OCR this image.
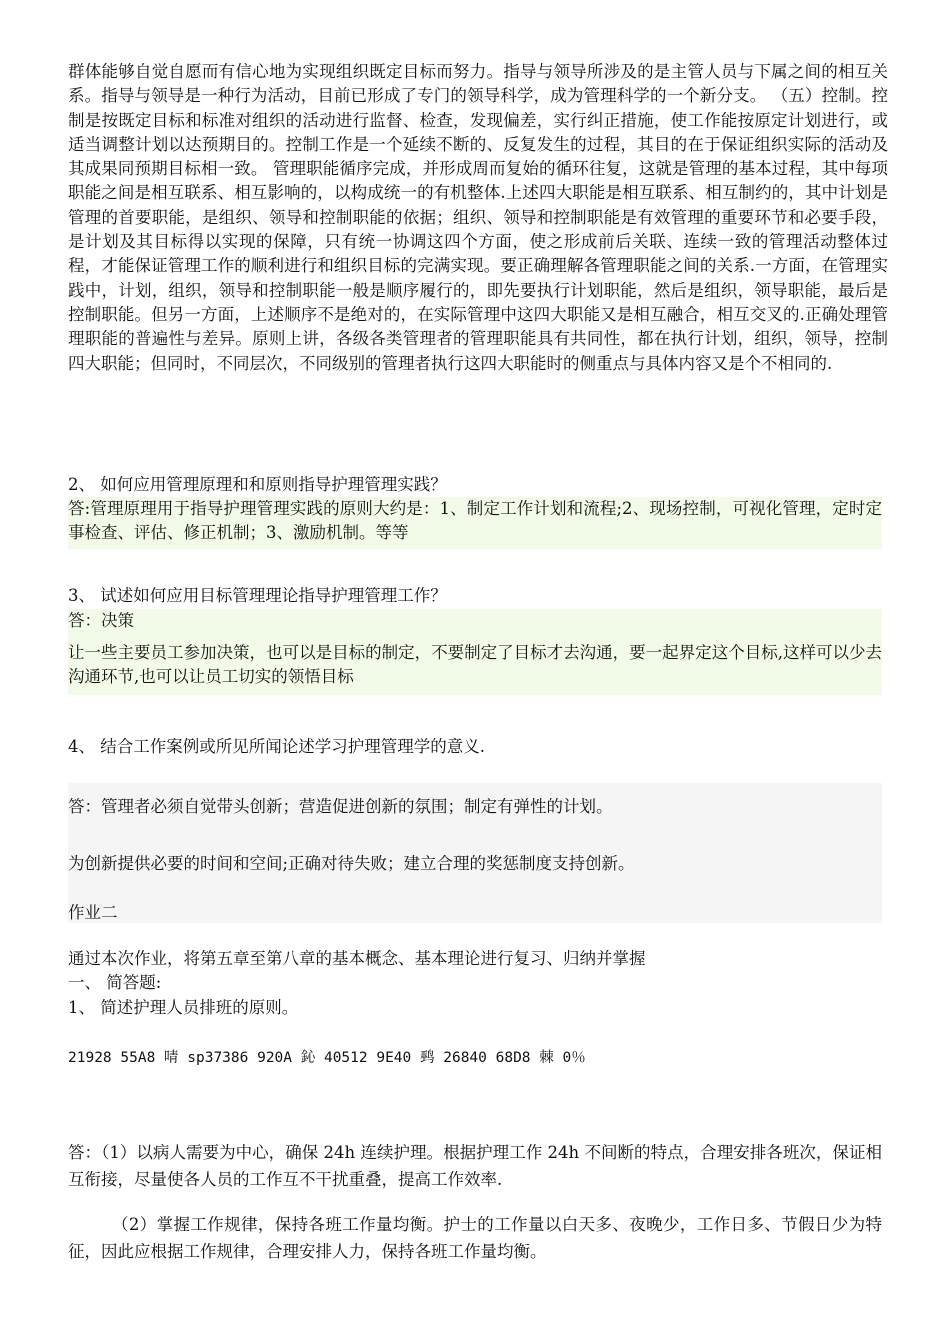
群体能够自觉自愿而有信心地为实现组织既定目标而努力。指导与领导所涉及的是主管人员与下属之间的相互关系。指导与领导是一种行为活动，目前已形成了专门的领导科学，成为管理科学的一个新分支。 （五）控制。控制是按既定目标和标准对组织的活动进行监督、检查，发现偏差，实行纠正措施，使工作能按原定计划进行，或适当调整计划以达预期目的。控制工作是一个延续不断的、反复发生的过程，其目的在于保证组织实际的活动及其成果同预期目标相一致。 管理职能循序完成，并形成周而复始的循环往复，这就是管理的基本过程，其中每项职能之间是相互联系、相互影响的，以构成统一的有机整体.上述四大职能是相互联系、相互制约的，其中计划是管理的首要职能，是组织、领导和控制职能的依据；组织、领导和控制职能是有效管理的重要环节和必要手段，是计划及其目标得以实现的保障，只有统一协调这四个方面，使之形成前后关联、连续一致的管理活动整体过程，才能保证管理工作的顺利进行和组织目标的完满实现。要正确理解各管理职能之间的关系.一方面，在管理实践中，计划，组织，领导和控制职能一般是顺序履行的，即先要执行计划职能，然后是组织，领导职能，最后是控制职能。但另一方面，上述顺序不是绝对的，在实际管理中这四大职能又是相互融合，相互交叉的.正确处理管理职能的普遍性与差异。原则上讲，各级各类管理者的管理职能具有共同性，都在执行计划，组织，领导，控制四大职能；但同时，不同层次，不同级别的管理者执行这四大职能时的侧重点与具体内容又是个不相同的.

2、 如何应用管理原理和和原则指导护理管理实践？

答:管理原理用于指导护理管理实践的原则大约是：1、制定工作计划和流程;2、现场控制，可视化管理，定时定事检查、评估、修正机制；3、激励机制。等等

3、 试述如何应用目标管理理论指导护理管理工作？

答：决策

让一些主要员工参加决策，也可以是目标的制定，不要制定了目标才去沟通，要一起界定这个目标,这样可以少去沟通环节,也可以让员工切实的领悟目标

4、 结合工作案例或所见所闻论述学习护理管理学的意义.

答：管理者必须自觉带头创新；营造促进创新的氛围；制定有弹性的计划。

为创新提供必要的时间和空间;正确对待失败；建立合理的奖惩制度支持创新。

作业二

通过本次作业，将第五章至第八章的基本概念、基本理论进行复习、归纳并掌握

一、 简答题:

1、 简述护理人员排班的原则。

21928 55A8 啨 sp37386 920A 鈊 40512 9E40 鹀 26840 68D8 棘 0％

答：（1）以病人需要为中心，确保 24h 连续护理。根据护理工作 24h 不间断的特点，合理安排各班次，保证相互衔接，尽量使各人员的工作互不干扰重叠，提高工作效率.

（2）掌握工作规律，保持各班工作量均衡。护士的工作量以白天多、夜晚少，工作日多、节假日少为特征，因此应根据工作规律，合理安排人力，保持各班工作量均衡。
